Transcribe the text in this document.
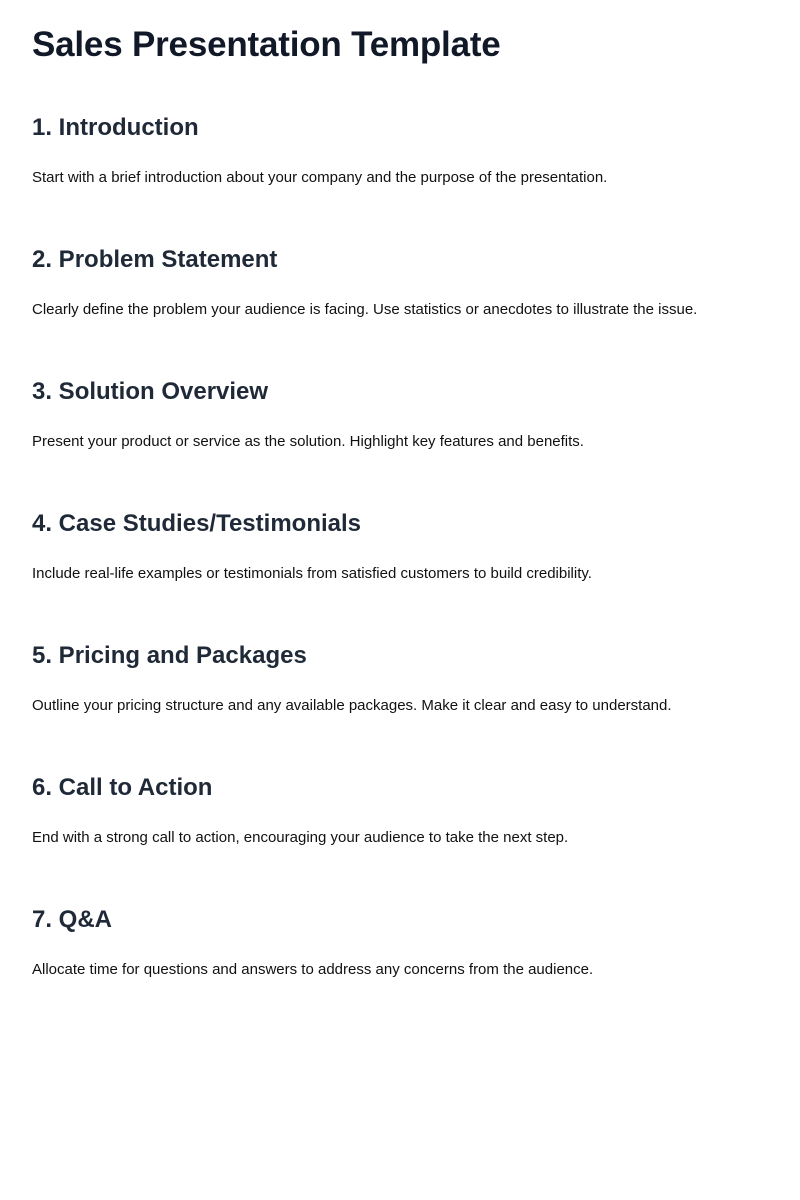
Sales Presentation Template
1. Introduction

Start with a brief introduction about your company and the purpose of the presentation.

2. Problem Statement

Clearly define the problem your audience is facing. Use statistics or anecdotes to illustrate the issue.

3. Solution Overview

Present your product or service as the solution. Highlight key features and benefits.

4. Case Studies/Testimonials

Include real-life examples or testimonials from satisfied customers to build credibility.

5. Pricing and Packages

Outline your pricing structure and any available packages. Make it clear and easy to understand.

6. Call to Action

End with a strong call to action, encouraging your audience to take the next step.

7. Q&A

Allocate time for questions and answers to address any concerns from the audience.
